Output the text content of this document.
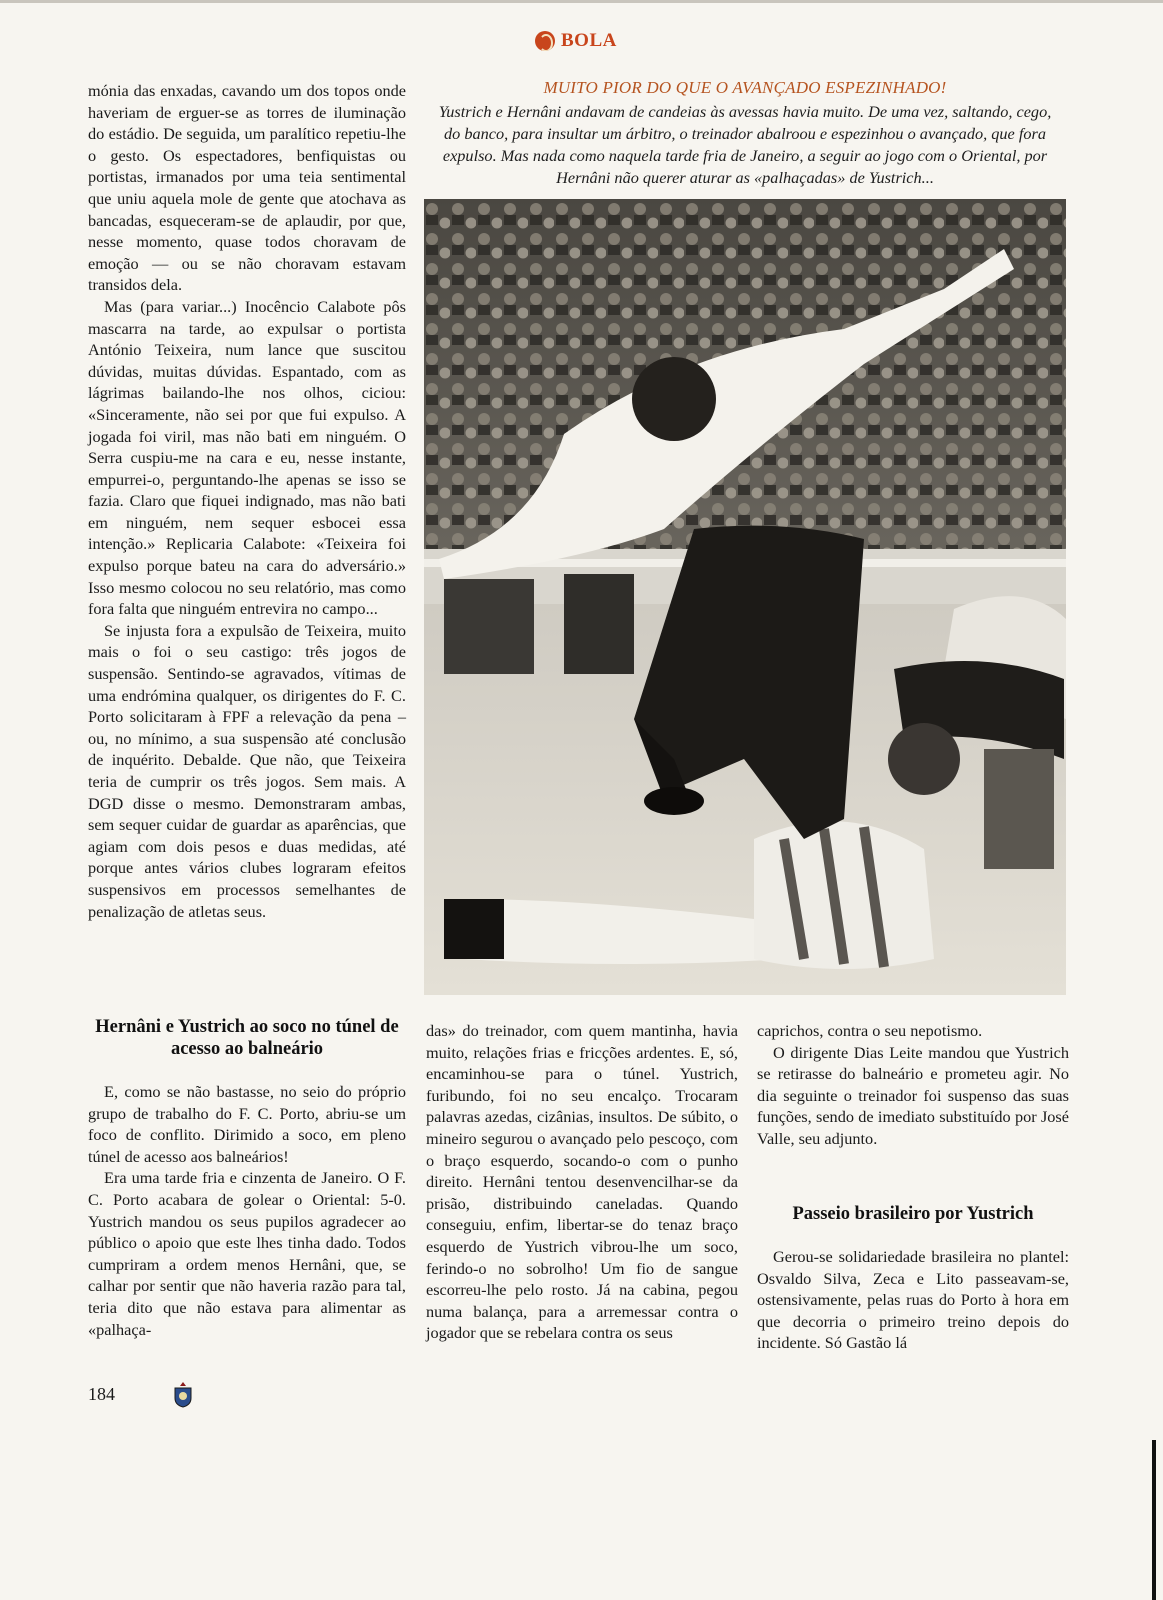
BOLA

mónia das enxadas, cavando um dos topos onde haveriam de erguer-se as torres de iluminação do estádio. De seguida, um paralítico repetiu-lhe o gesto. Os espectadores, benfiquistas ou portistas, irmanados por uma teia sentimental que uniu aquela mole de gente que atochava as bancadas, esqueceram-se de aplaudir, por que, nesse momento, quase todos choravam de emoção — ou se não choravam estavam transidos dela.

Mas (para variar...) Inocêncio Calabote pôs mascarra na tarde, ao expulsar o portista António Teixeira, num lance que suscitou dúvidas, muitas dúvidas. Espantado, com as lágrimas bailando-lhe nos olhos, ciciou: «Sinceramente, não sei por que fui expulso. A jogada foi viril, mas não bati em ninguém. O Serra cuspiu-me na cara e eu, nesse instante, empurrei-o, perguntando-lhe apenas se isso se fazia. Claro que fiquei indignado, mas não bati em ninguém, nem sequer esbocei essa intenção.» Replicaria Calabote: «Teixeira foi expulso porque bateu na cara do adversário.» Isso mesmo colocou no seu relatório, mas como fora falta que ninguém entrevira no campo...

Se injusta fora a expulsão de Teixeira, muito mais o foi o seu castigo: três jogos de suspensão. Sentindo-se agravados, vítimas de uma endrómina qualquer, os dirigentes do F. C. Porto solicitaram à FPF a relevação da pena – ou, no mínimo, a sua suspensão até conclusão de inquérito. Debalde. Que não, que Teixeira teria de cumprir os três jogos. Sem mais. A DGD disse o mesmo. Demonstraram ambas, sem sequer cuidar de guardar as aparências, que agiam com dois pesos e duas medidas, até porque antes vários clubes lograram efeitos suspensivos em processos semelhantes de penalização de atletas seus.

MUITO PIOR DO QUE O AVANÇADO ESPEZINHADO!
Yustrich e Hernâni andavam de candeias às avessas havia muito. De uma vez, saltando, cego, do banco, para insultar um árbitro, o treinador abalroou e espezinhou o avançado, que fora expulso. Mas nada como naquela tarde fria de Janeiro, a seguir ao jogo com o Oriental, por Hernâni não querer aturar as «palhaçadas» de Yustrich...
Hernâni e Yustrich ao soco no túnel de acesso ao balneário

E, como se não bastasse, no seio do próprio grupo de trabalho do F. C. Porto, abriu-se um foco de conflito. Dirimido a soco, em pleno túnel de acesso aos balneários!

Era uma tarde fria e cinzenta de Janeiro. O F. C. Porto acabara de golear o Oriental: 5-0. Yustrich mandou os seus pupilos agradecer ao público o apoio que este lhes tinha dado. Todos cumpriram a ordem menos Hernâni, que, se calhar por sentir que não haveria razão para tal, teria dito que não estava para alimentar as «palhaça-

das» do treinador, com quem mantinha, havia muito, relações frias e fricções ardentes. E, só, encaminhou-se para o túnel. Yustrich, furibundo, foi no seu encalço. Trocaram palavras azedas, cizânias, insultos. De súbito, o mineiro segurou o avançado pelo pescoço, com o braço esquerdo, socando-o com o punho direito. Hernâni tentou desenvencilhar-se da prisão, distribuindo caneladas. Quando conseguiu, enfim, libertar-se do tenaz braço esquerdo de Yustrich vibrou-lhe um soco, ferindo-o no sobrolho! Um fio de sangue escorreu-lhe pelo rosto. Já na cabina, pegou numa balança, para a arremessar contra o jogador que se rebelara contra os seus

caprichos, contra o seu nepotismo.

O dirigente Dias Leite mandou que Yustrich se retirasse do balneário e prometeu agir. No dia seguinte o treinador foi suspenso das suas funções, sendo de imediato substituído por José Valle, seu adjunto.

Passeio brasileiro por Yustrich

Gerou-se solidariedade brasileira no plantel: Osvaldo Silva, Zeca e Lito passeavam-se, ostensivamente, pelas ruas do Porto à hora em que decorria o primeiro treino depois do incidente. Só Gastão lá

184
